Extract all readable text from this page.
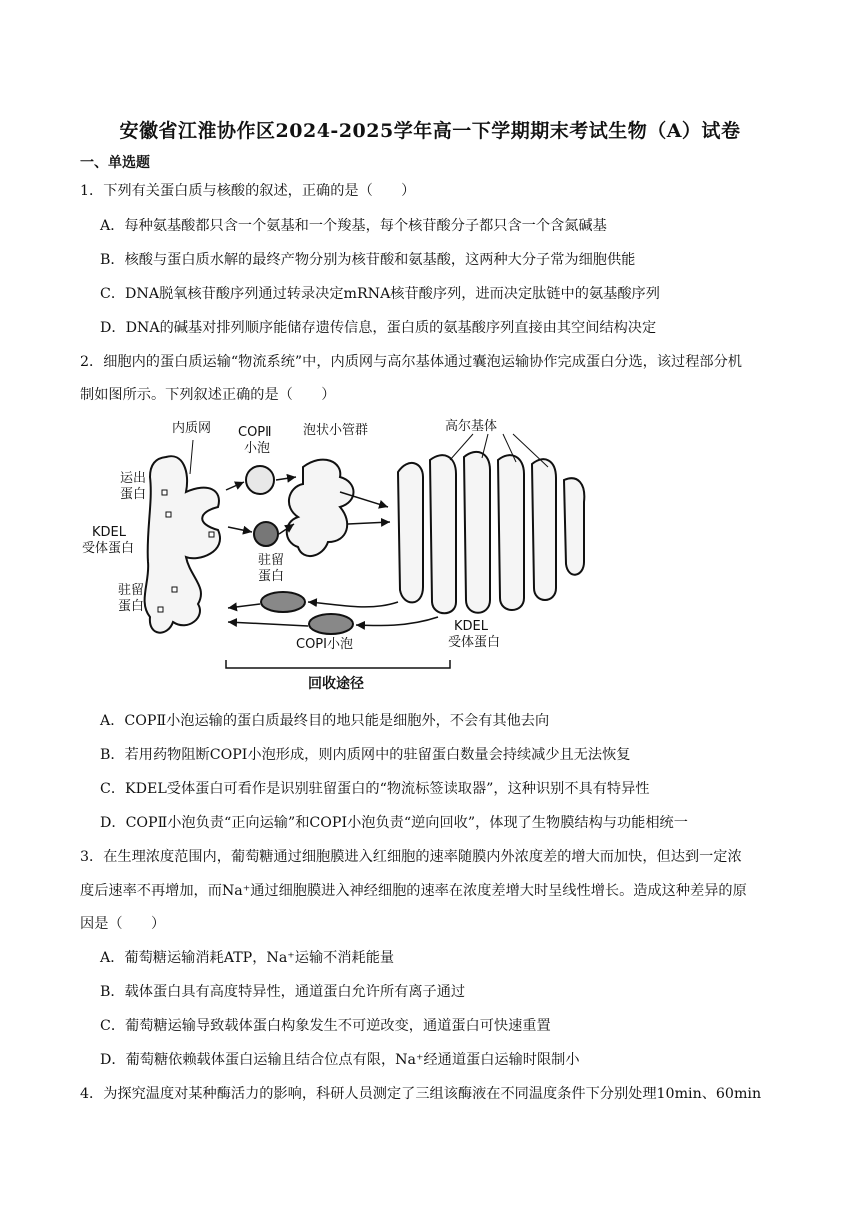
安徽省江淮协作区2024-2025学年高一下学期期末考试生物（A）试卷
一、单选题
1．下列有关蛋白质与核酸的叙述，正确的是（　　）
A．每种氨基酸都只含一个氨基和一个羧基，每个核苷酸分子都只含一个含氮碱基
B．核酸与蛋白质水解的最终产物分别为核苷酸和氨基酸，这两种大分子常为细胞供能
C．DNA脱氧核苷酸序列通过转录决定mRNA核苷酸序列，进而决定肽链中的氨基酸序列
D．DNA的碱基对排列顺序能储存遗传信息，蛋白质的氨基酸序列直接由其空间结构决定
2．细胞内的蛋白质运输“物流系统”中，内质网与高尔基体通过囊泡运输协作完成蛋白分选，该过程部分机
制如图所示。下列叙述正确的是（　　）
内质网 COPⅡ
小泡
泡状小管群	高尔基体
运出
蛋白
KDEL
受体蛋白
驻留
蛋白
驻留
蛋白
KDEL
受体蛋白
COPⅠ小泡
回收途径
A．COPⅡ小泡运输的蛋白质最终目的地只能是细胞外，不会有其他去向
B．若用药物阻断COPI小泡形成，则内质网中的驻留蛋白数量会持续减少且无法恢复
C．KDEL受体蛋白可看作是识别驻留蛋白的“物流标签读取器”，这种识别不具有特异性
D．COPⅡ小泡负责“正向运输”和COPI小泡负责“逆向回收”，体现了生物膜结构与功能相统一
3．在生理浓度范围内，葡萄糖通过细胞膜进入红细胞的速率随膜内外浓度差的增大而加快，但达到一定浓
度后速率不再增加，而Na⁺通过细胞膜进入神经细胞的速率在浓度差增大时呈线性增长。造成这种差异的原
因是（　　）
A．葡萄糖运输消耗ATP，Na⁺运输不消耗能量
B．载体蛋白具有高度特异性，通道蛋白允许所有离子通过
C．葡萄糖运输导致载体蛋白构象发生不可逆改变，通道蛋白可快速重置
D．葡萄糖依赖载体蛋白运输且结合位点有限，Na⁺经通道蛋白运输时限制小
4．为探究温度对某种酶活力的影响，科研人员测定了三组该酶液在不同温度条件下分别处理10min、60min
